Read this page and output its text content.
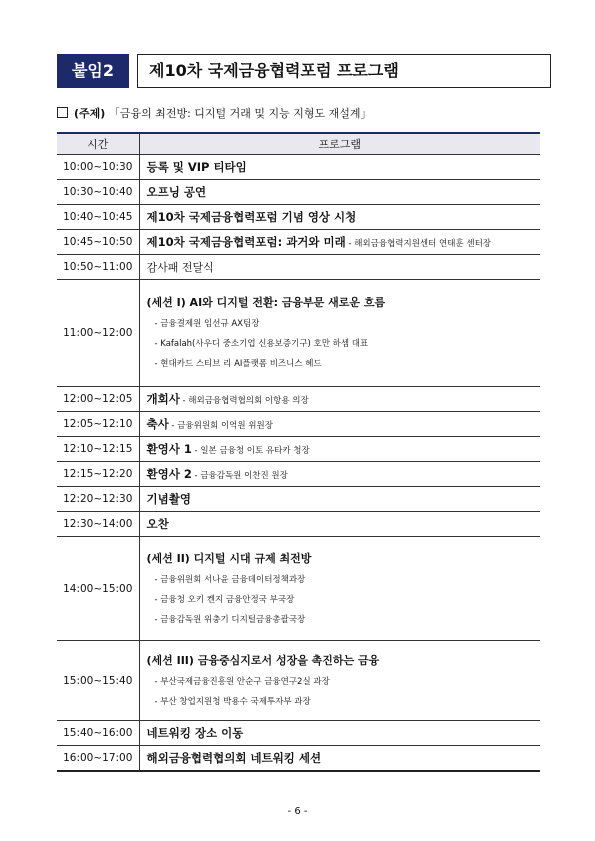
붙임2	제10차 국제금융협력포럼 프로그램
(주제) 「금융의 최전방: 디지털 거래 및 지능 지형도 재설계」
시간	프로그램
10:00~10:30	등록 및 VIP 티타임
10:30~10:40	오프닝 공연
10:40~10:45	제10차 국제금융협력포럼 기념 영상 시청
10:45~10:50	제10차 국제금융협력포럼: 과거와 미래 - 해외금융협력지원센터 연태훈 센터장
10:50~11:00	감사패 전달식
11:00~12:00	(세션 I) AI와 디지털 전환: 금융부문 새로운 흐름
- 금융결제원 임선규 AX팀장
- Kafalah(사우디 중소기업 신용보증기구) 호만 하셈 대표
- 현대카드 스티브 리 AI플랫폼 비즈니스 헤드

12:00~12:05	개회사 - 해외금융협력협의회 이항용 의장
12:05~12:10	축사 - 금융위원회 이억원 위원장
12:10~12:15	환영사 1 - 일본 금융청 이토 유타카 청장
12:15~12:20	환영사 2 - 금융감독원 이찬진 원장
12:20~12:30	기념촬영
12:30~14:00	오찬
14:00~15:00	(세션 II) 디지털 시대 규제 최전방
- 금융위원회 서나윤 금융데이터정책과장
- 금융청 오키 켄지 금융안정국 부국장
- 금융감독원 위충기 디지털금융총괄국장

15:00~15:40	(세션 III) 금융중심지로서 성장을 촉진하는 금융
- 부산국제금융진흥원 안순구 금융연구2실 과장
- 부산 창업지원청 박용수 국제투자부 과장

15:40~16:00	네트워킹 장소 이동
16:00~17:00	해외금융협력협의회 네트워킹 세션
- 6 -
